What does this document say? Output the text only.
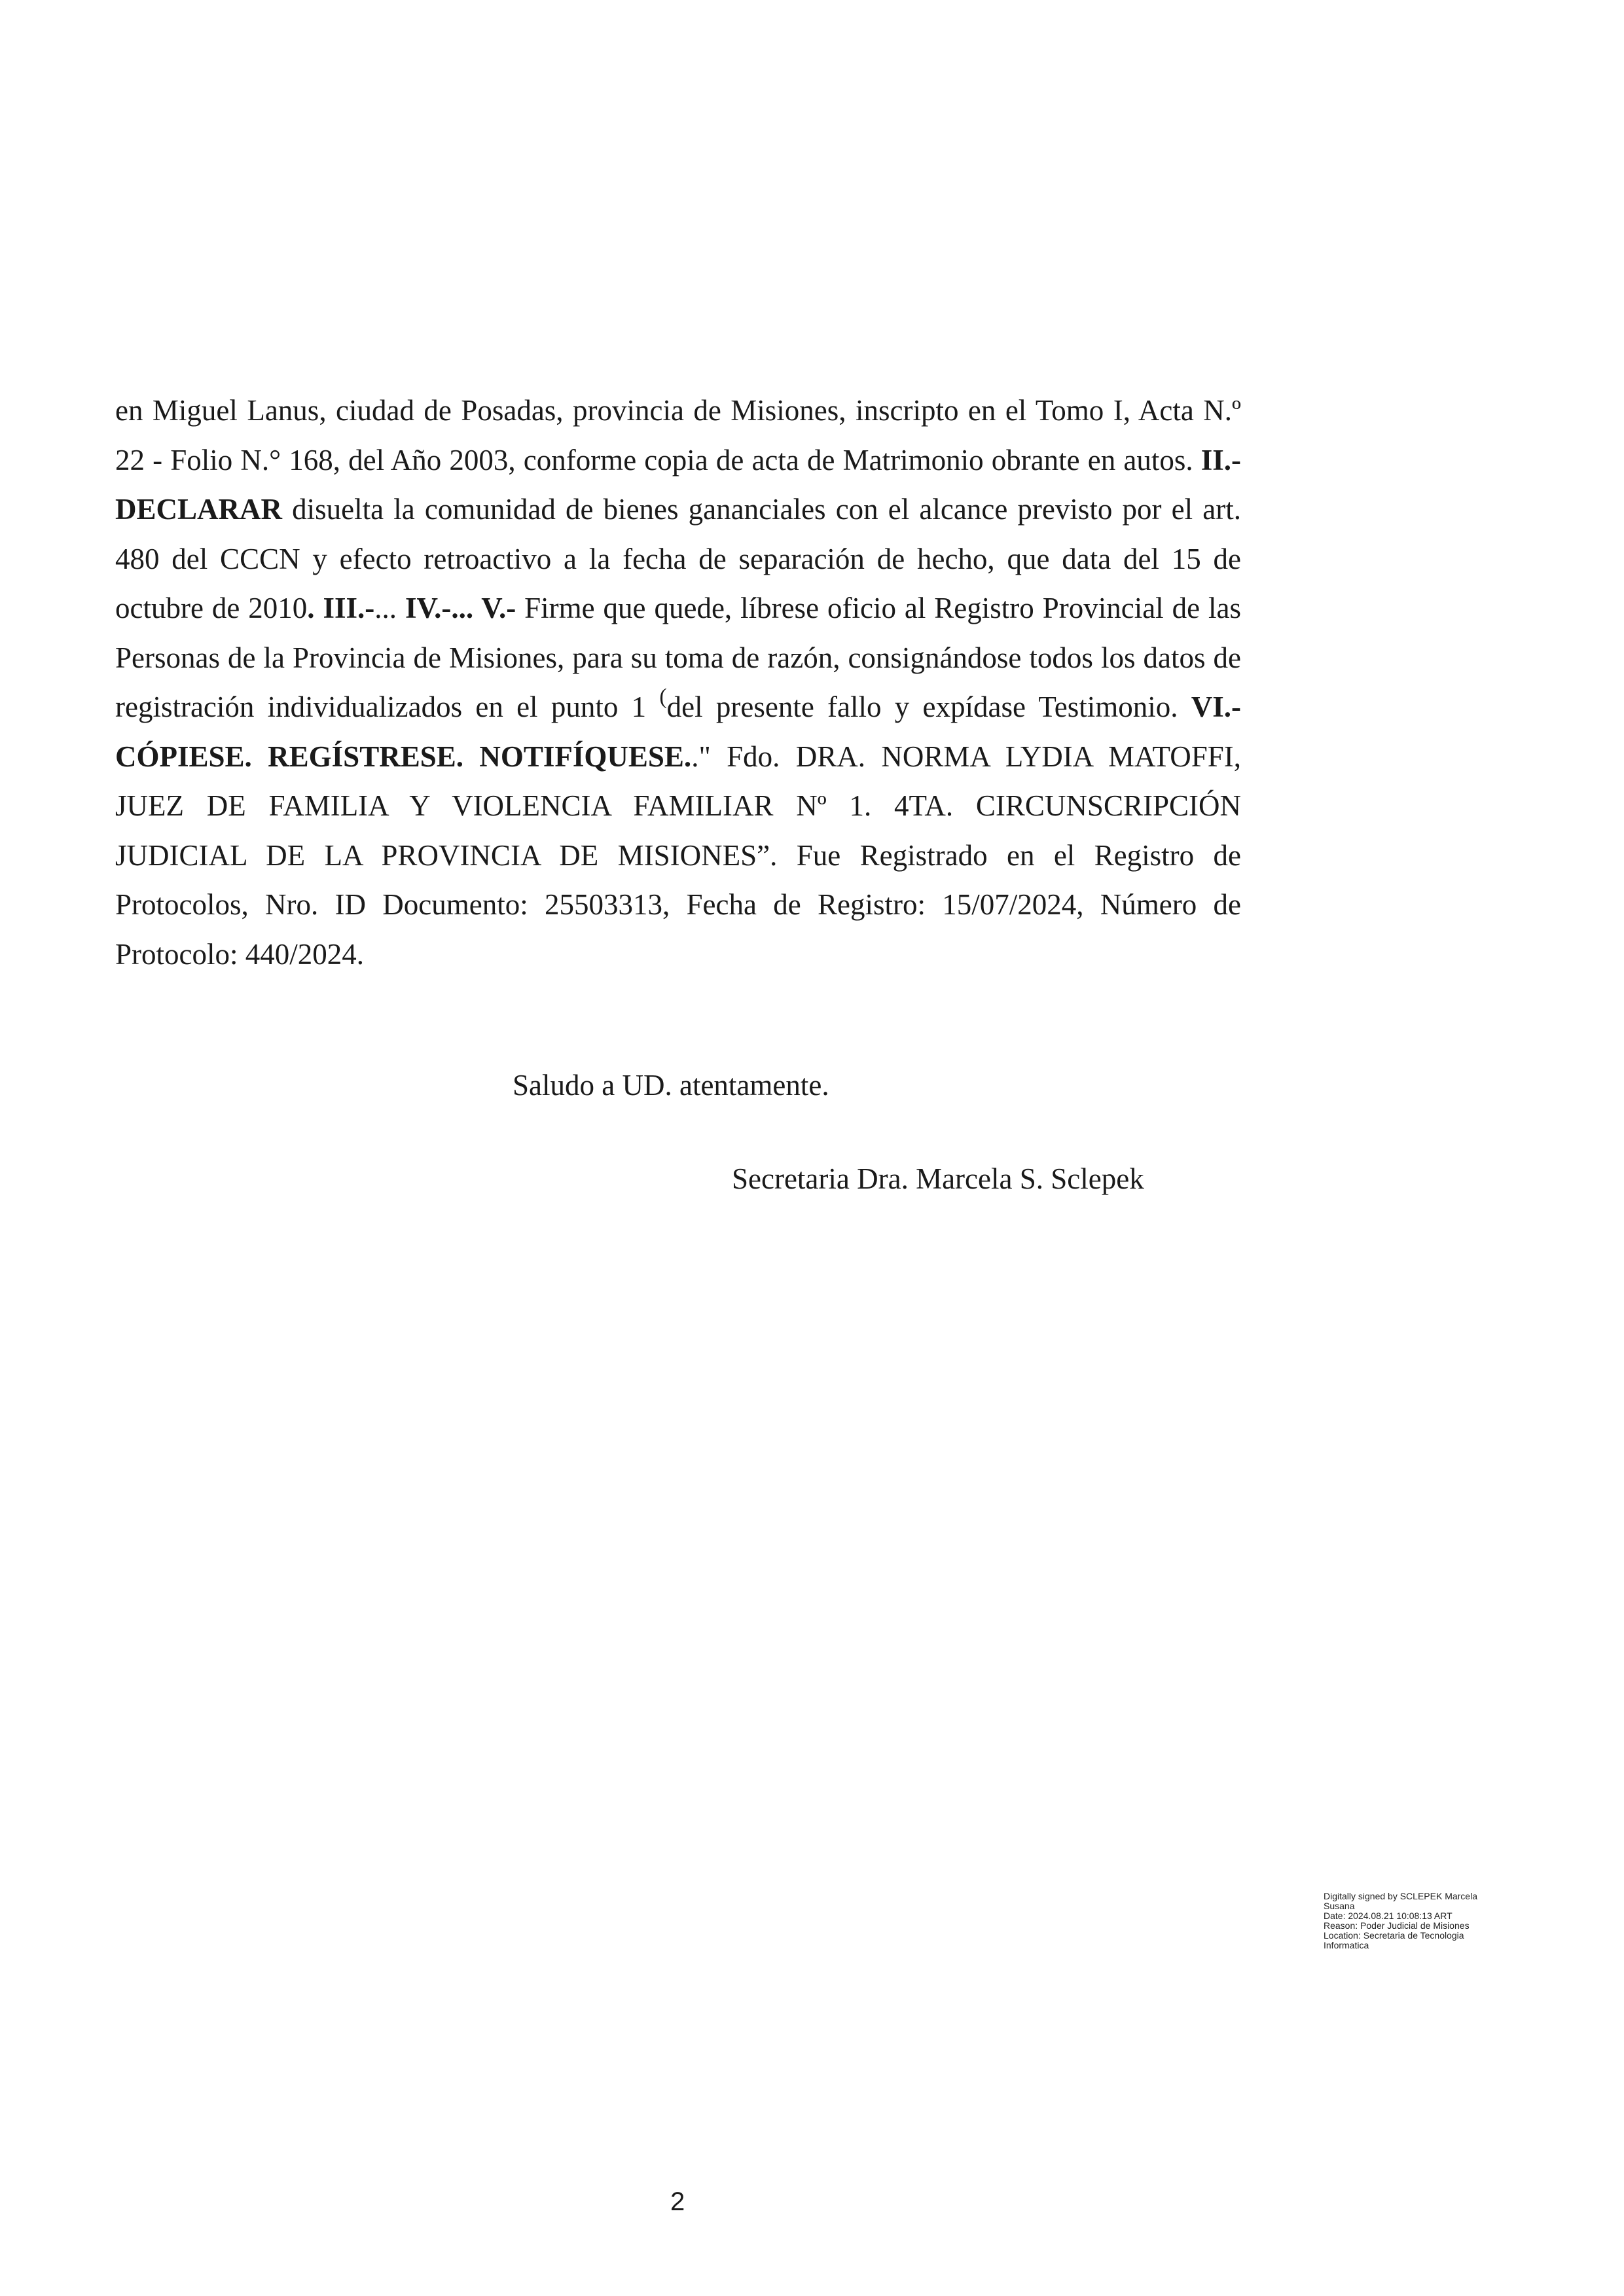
en Miguel Lanus, ciudad de Posadas, provincia de Misiones, inscripto en el Tomo I, Acta N.º 22 - Folio N.° 168, del Año 2003, conforme copia de acta de Matrimonio obrante en autos. II.- DECLARAR disuelta la comunidad de bienes gananciales con el alcance previsto por el art. 480 del CCCN y efecto retroactivo a la fecha de separación de hecho, que data del 15 de octubre de 2010. III.-... IV.-... V.- Firme que quede, líbrese oficio al Registro Provincial de las Personas de la Provincia de Misiones, para su toma de razón, consignándose todos los datos de registración individualizados en el punto 1 (del presente fallo y expídase Testimonio. VI.- CÓPIESE. REGÍSTRESE. NOTIFÍQUESE.." Fdo. DRA. NORMA LYDIA MATOFFI, JUEZ DE FAMILIA Y VIOLENCIA FAMILIAR Nº 1. 4TA. CIRCUNSCRIPCIÓN JUDICIAL DE LA PROVINCIA DE MISIONES”. Fue Registrado en el Registro de Protocolos, Nro. ID Documento: 25503313, Fecha de Registro: 15/07/2024, Número de Protocolo: 440/2024.

Saludo a UD. atentamente.

Secretaria Dra. Marcela S. Sclepek

Digitally signed by SCLEPEK Marcela
Susana
Date: 2024.08.21 10:08:13 ART
Reason: Poder Judicial de Misiones
Location: Secretaria de Tecnologia
Informatica
2
